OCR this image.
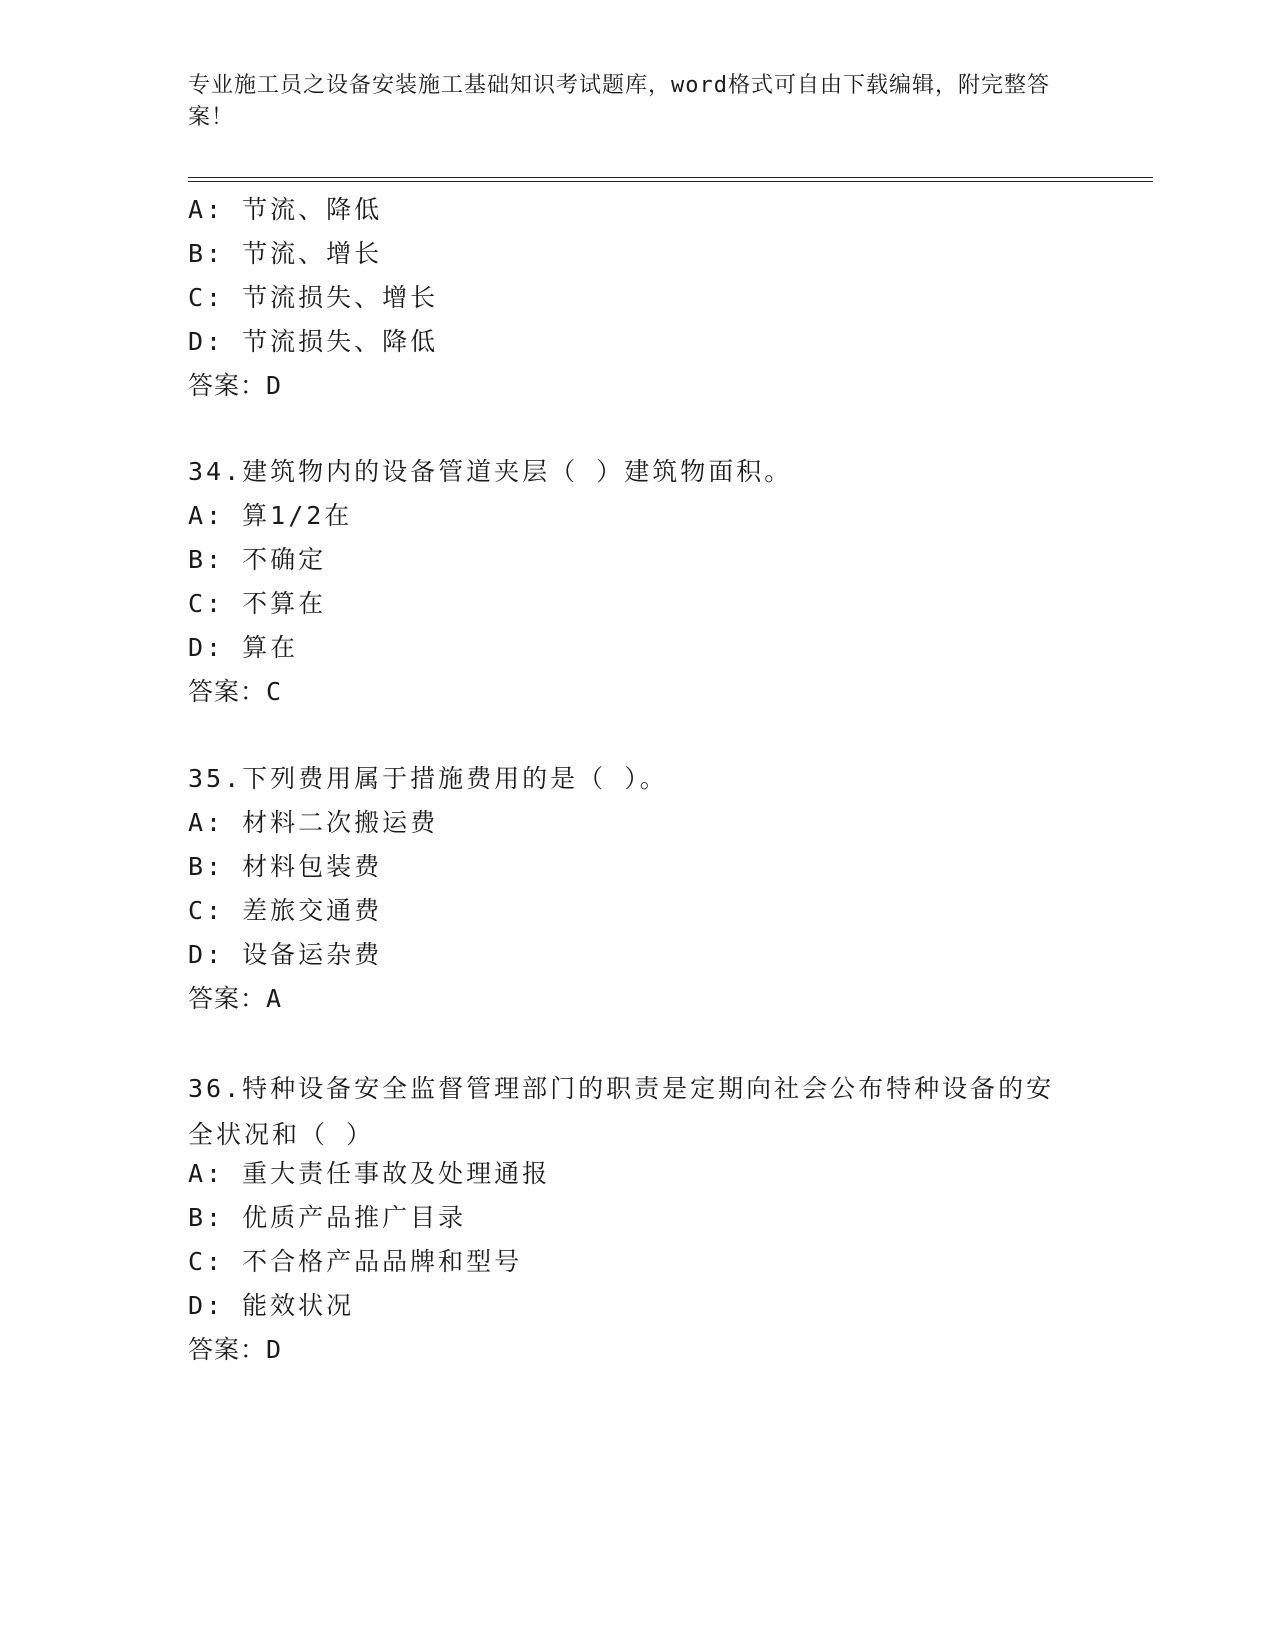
专业施工员之设备安装施工基础知识考试题库，word格式可自由下载编辑，附完整答案！
A: 节流、降低
B: 节流、增长
C: 节流损失、增长
D: 节流损失、降低
答案：D
34.建筑物内的设备管道夹层（ ）建筑物面积。
A: 算1/2在
B: 不确定
C: 不算在
D: 算在
答案：C
35.下列费用属于措施费用的是（ ）。
A: 材料二次搬运费
B: 材料包装费
C: 差旅交通费
D: 设备运杂费
答案：A
36.特种设备安全监督管理部门的职责是定期向社会公布特种设备的安全状况和（ ）
A: 重大责任事故及处理通报
B: 优质产品推广目录
C: 不合格产品品牌和型号
D: 能效状况
答案：D
